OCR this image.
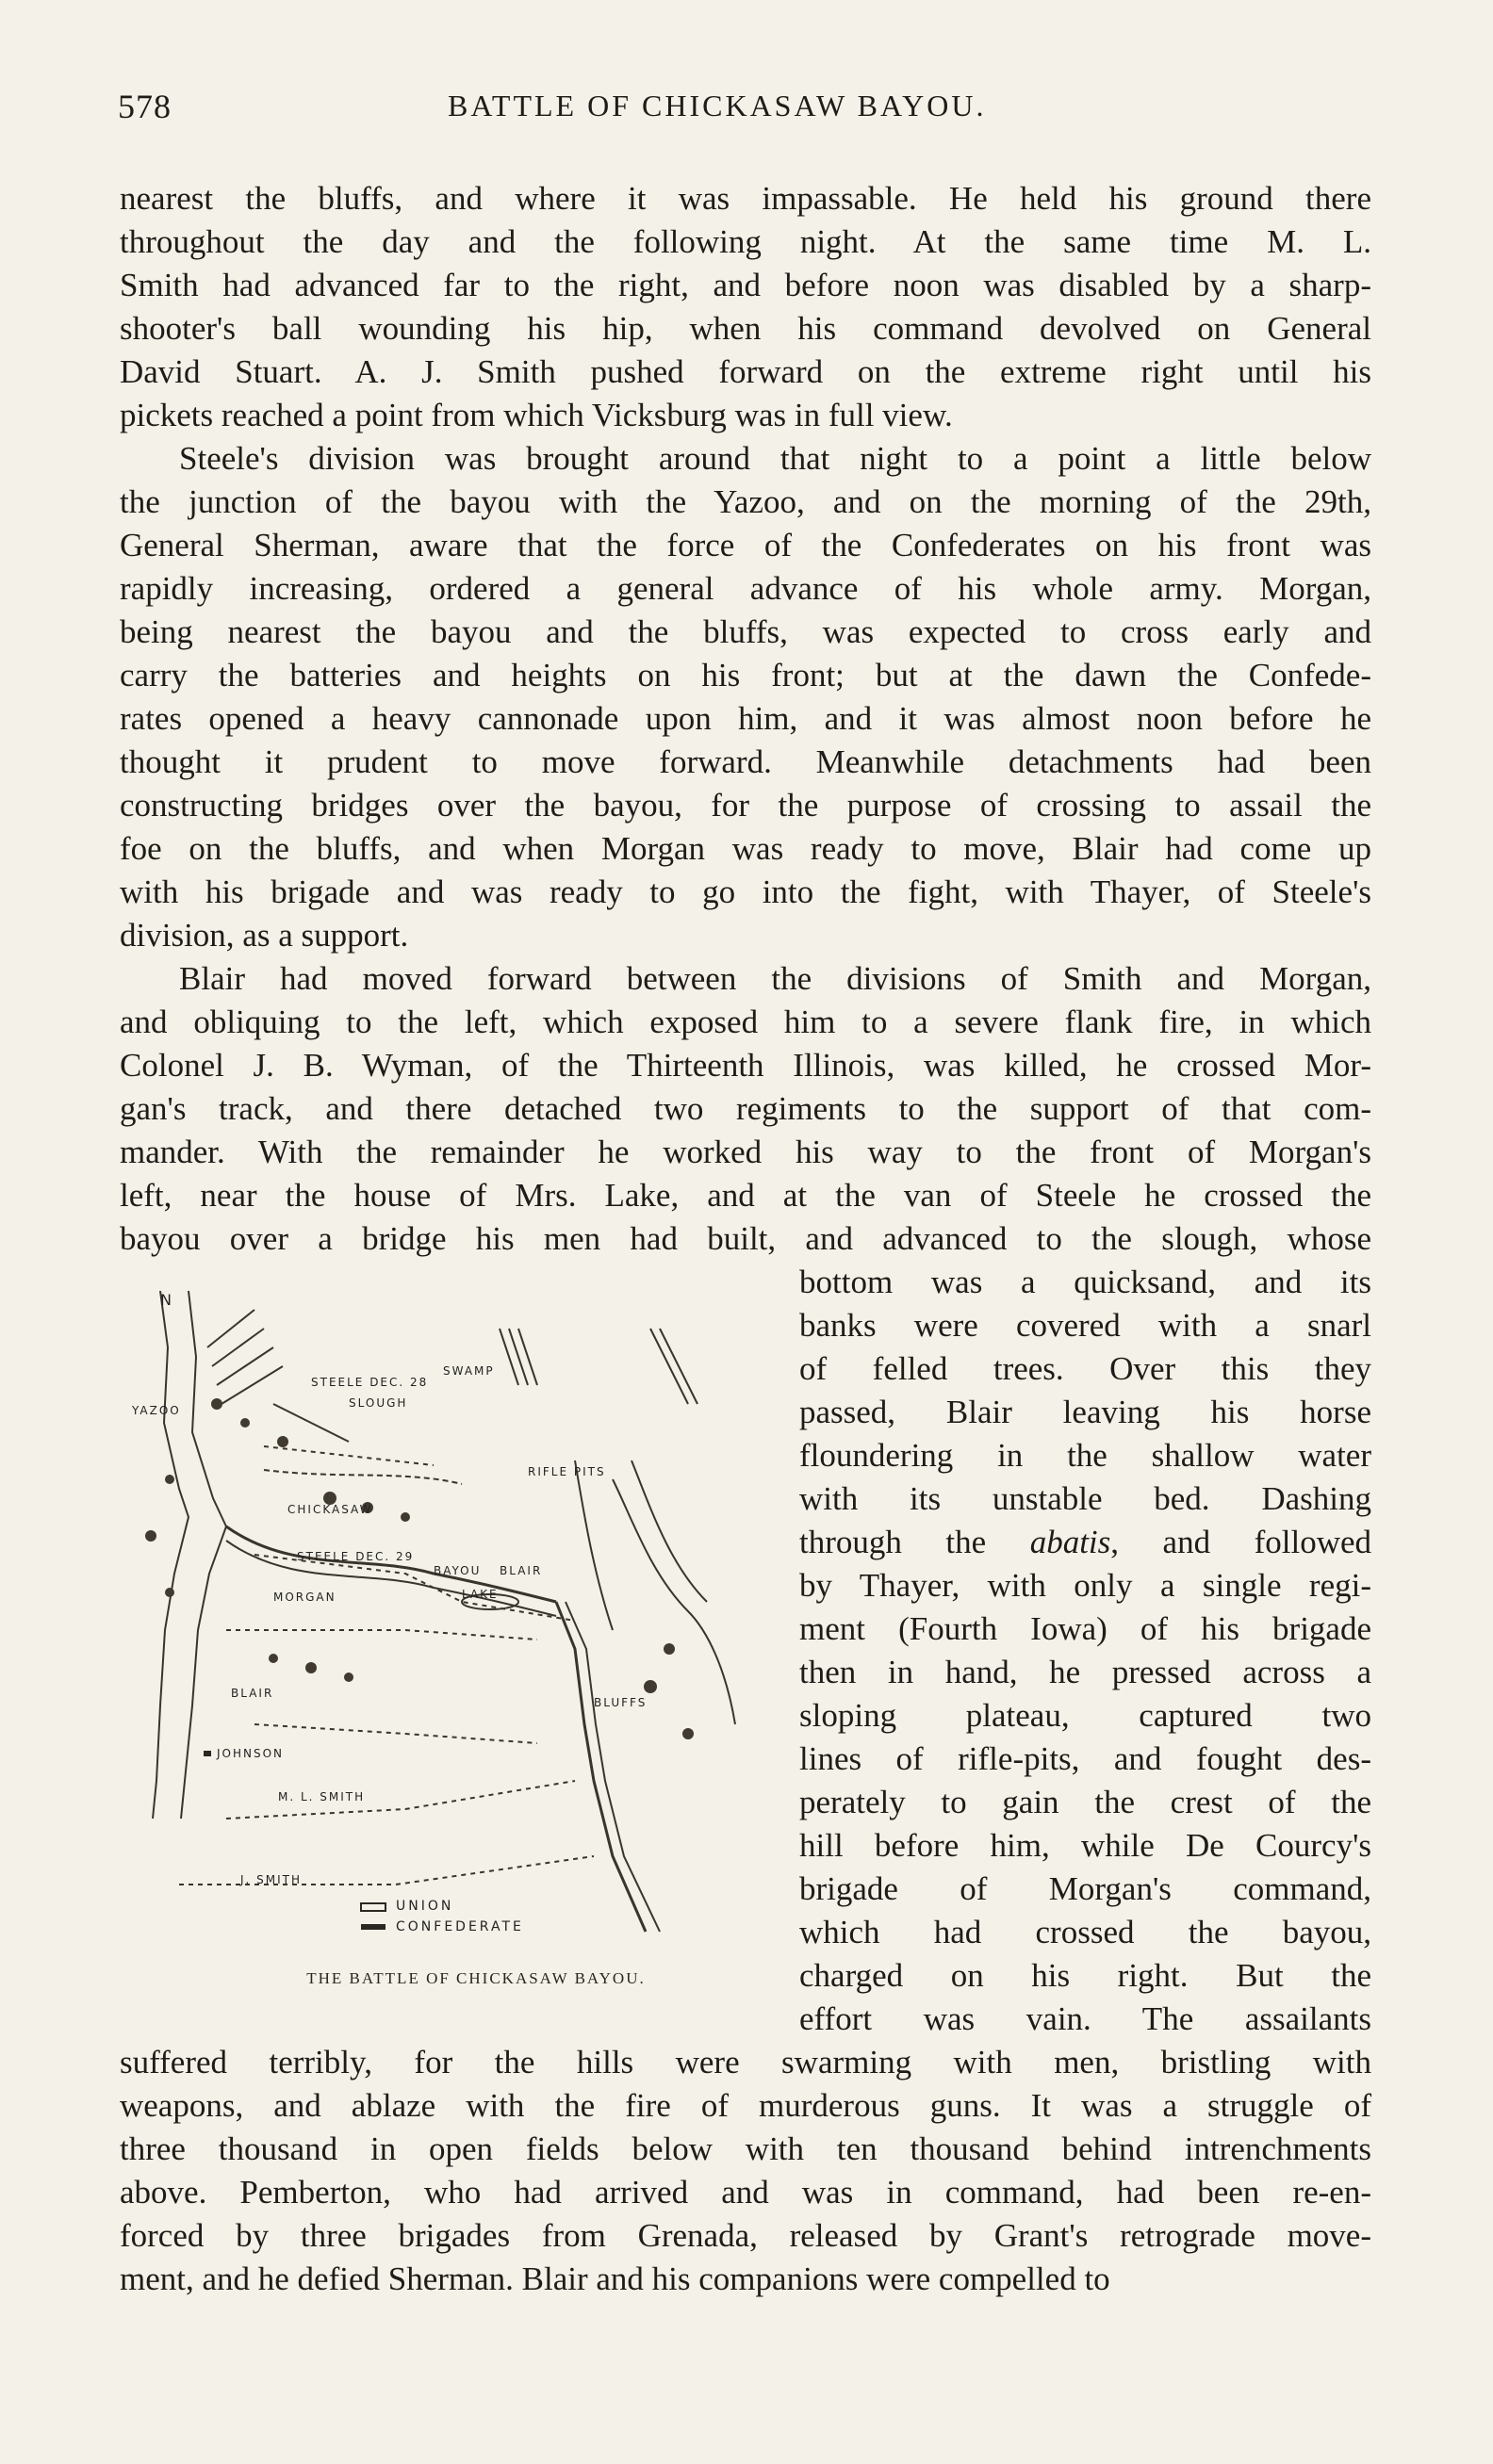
578	BATTLE OF CHICKASAW BAYOU.
nearest the bluffs, and where it was impassable. He held his ground there
throughout the day and the following night. At the same time M. L.
Smith had advanced far to the right, and before noon was disabled by a sharp-
shooter's ball wounding his hip, when his command devolved on General
David Stuart. A. J. Smith pushed forward on the extreme right until his
pickets reached a point from which Vicksburg was in full view.
Steele's division was brought around that night to a point a little below
the junction of the bayou with the Yazoo, and on the morning of the 29th,
General Sherman, aware that the force of the Confederates on his front was
rapidly increasing, ordered a general advance of his whole army. Morgan,
being nearest the bayou and the bluffs, was expected to cross early and
carry the batteries and heights on his front; but at the dawn the Confede-
rates opened a heavy cannonade upon him, and it was almost noon before he
thought it prudent to move forward. Meanwhile detachments had been
constructing bridges over the bayou, for the purpose of crossing to assail the
foe on the bluffs, and when Morgan was ready to move, Blair had come up
with his brigade and was ready to go into the fight, with Thayer, of Steele's
division, as a support.
Blair had moved forward between the divisions of Smith and Morgan,
and obliquing to the left, which exposed him to a severe flank fire, in which
Colonel J. B. Wyman, of the Thirteenth Illinois, was killed, he crossed Mor-
gan's track, and there detached two regiments to the support of that com-
mander. With the remainder he worked his way to the front of Morgan's
left, near the house of Mrs. Lake, and at the van of Steele he crossed the
bayou over a bridge his men had built, and advanced to the slough, whose
bottom was a quicksand, and its
banks were covered with a snarl
of felled trees. Over this they
passed, Blair leaving his horse
floundering in the shallow water
with its unstable bed. Dashing
through the abatis, and followed
by Thayer, with only a single regi-
ment (Fourth Iowa) of his brigade
then in hand, he pressed across a
sloping plateau, captured two
lines of rifle-pits, and fought des-
perately to gain the crest of the
hill before him, while De Courcy's
brigade of Morgan's command,
which had crossed the bayou,
charged on his right. But the
effort was vain. The assailants
suffered terribly, for the hills were swarming with men, bristling with
weapons, and ablaze with the fire of murderous guns. It was a struggle of
three thousand in open fields below with ten thousand behind intrenchments
above. Pemberton, who had arrived and was in command, had been re-en-
forced by three brigades from Grenada, released by Grant's retrograde move-
ment, and he defied Sherman. Blair and his companions were compelled to
N
STEELE DEC. 28
SWAMP
SLOUGH
CHICKASAW
RIFLE PITS
STEELE DEC. 29
BAYOU BLAIR
MORGAN	LAKE
BLAIR
BLUFFS
JOHNSON
M. L. SMITH
J. SMITH
YAZOO
UNION
CONFEDERATE
THE BATTLE OF CHICKASAW BAYOU.
